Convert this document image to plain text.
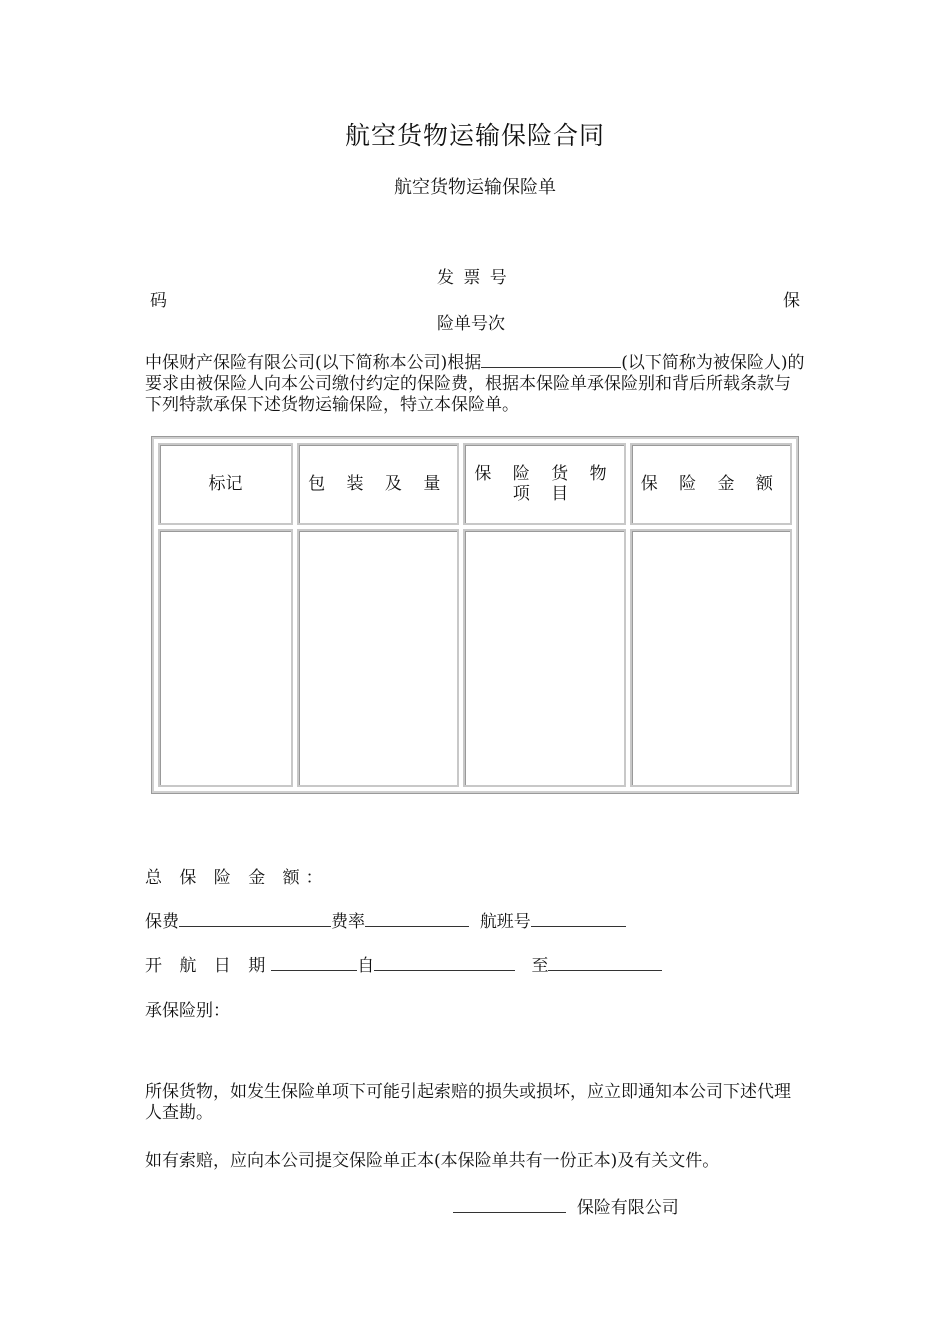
航空货物运输保险合同
航空货物运输保险单
发 票 号
码	保
险单号次
中保财产保险有限公司(以下简称本公司)根据	(以下简称为被保险人)的要求由被保险人向本公司缴付约定的保险费，根据本保险单承保险别和背后所载条款与下列特款承保下述货物运输保险，特立本保险单。
标记	包 装 及 量	保 险 货 物 项 目	保 险 金 额

总 保 险 金 额：
保费	费率	航班号
开 航 日 期	自	至
承保险别：
所保货物，如发生保险单项下可能引起索赔的损失或损坏，应立即通知本公司下述代理人查勘。
如有索赔，应向本公司提交保险单正本(本保险单共有一份正本)及有关文件。
保险有限公司
